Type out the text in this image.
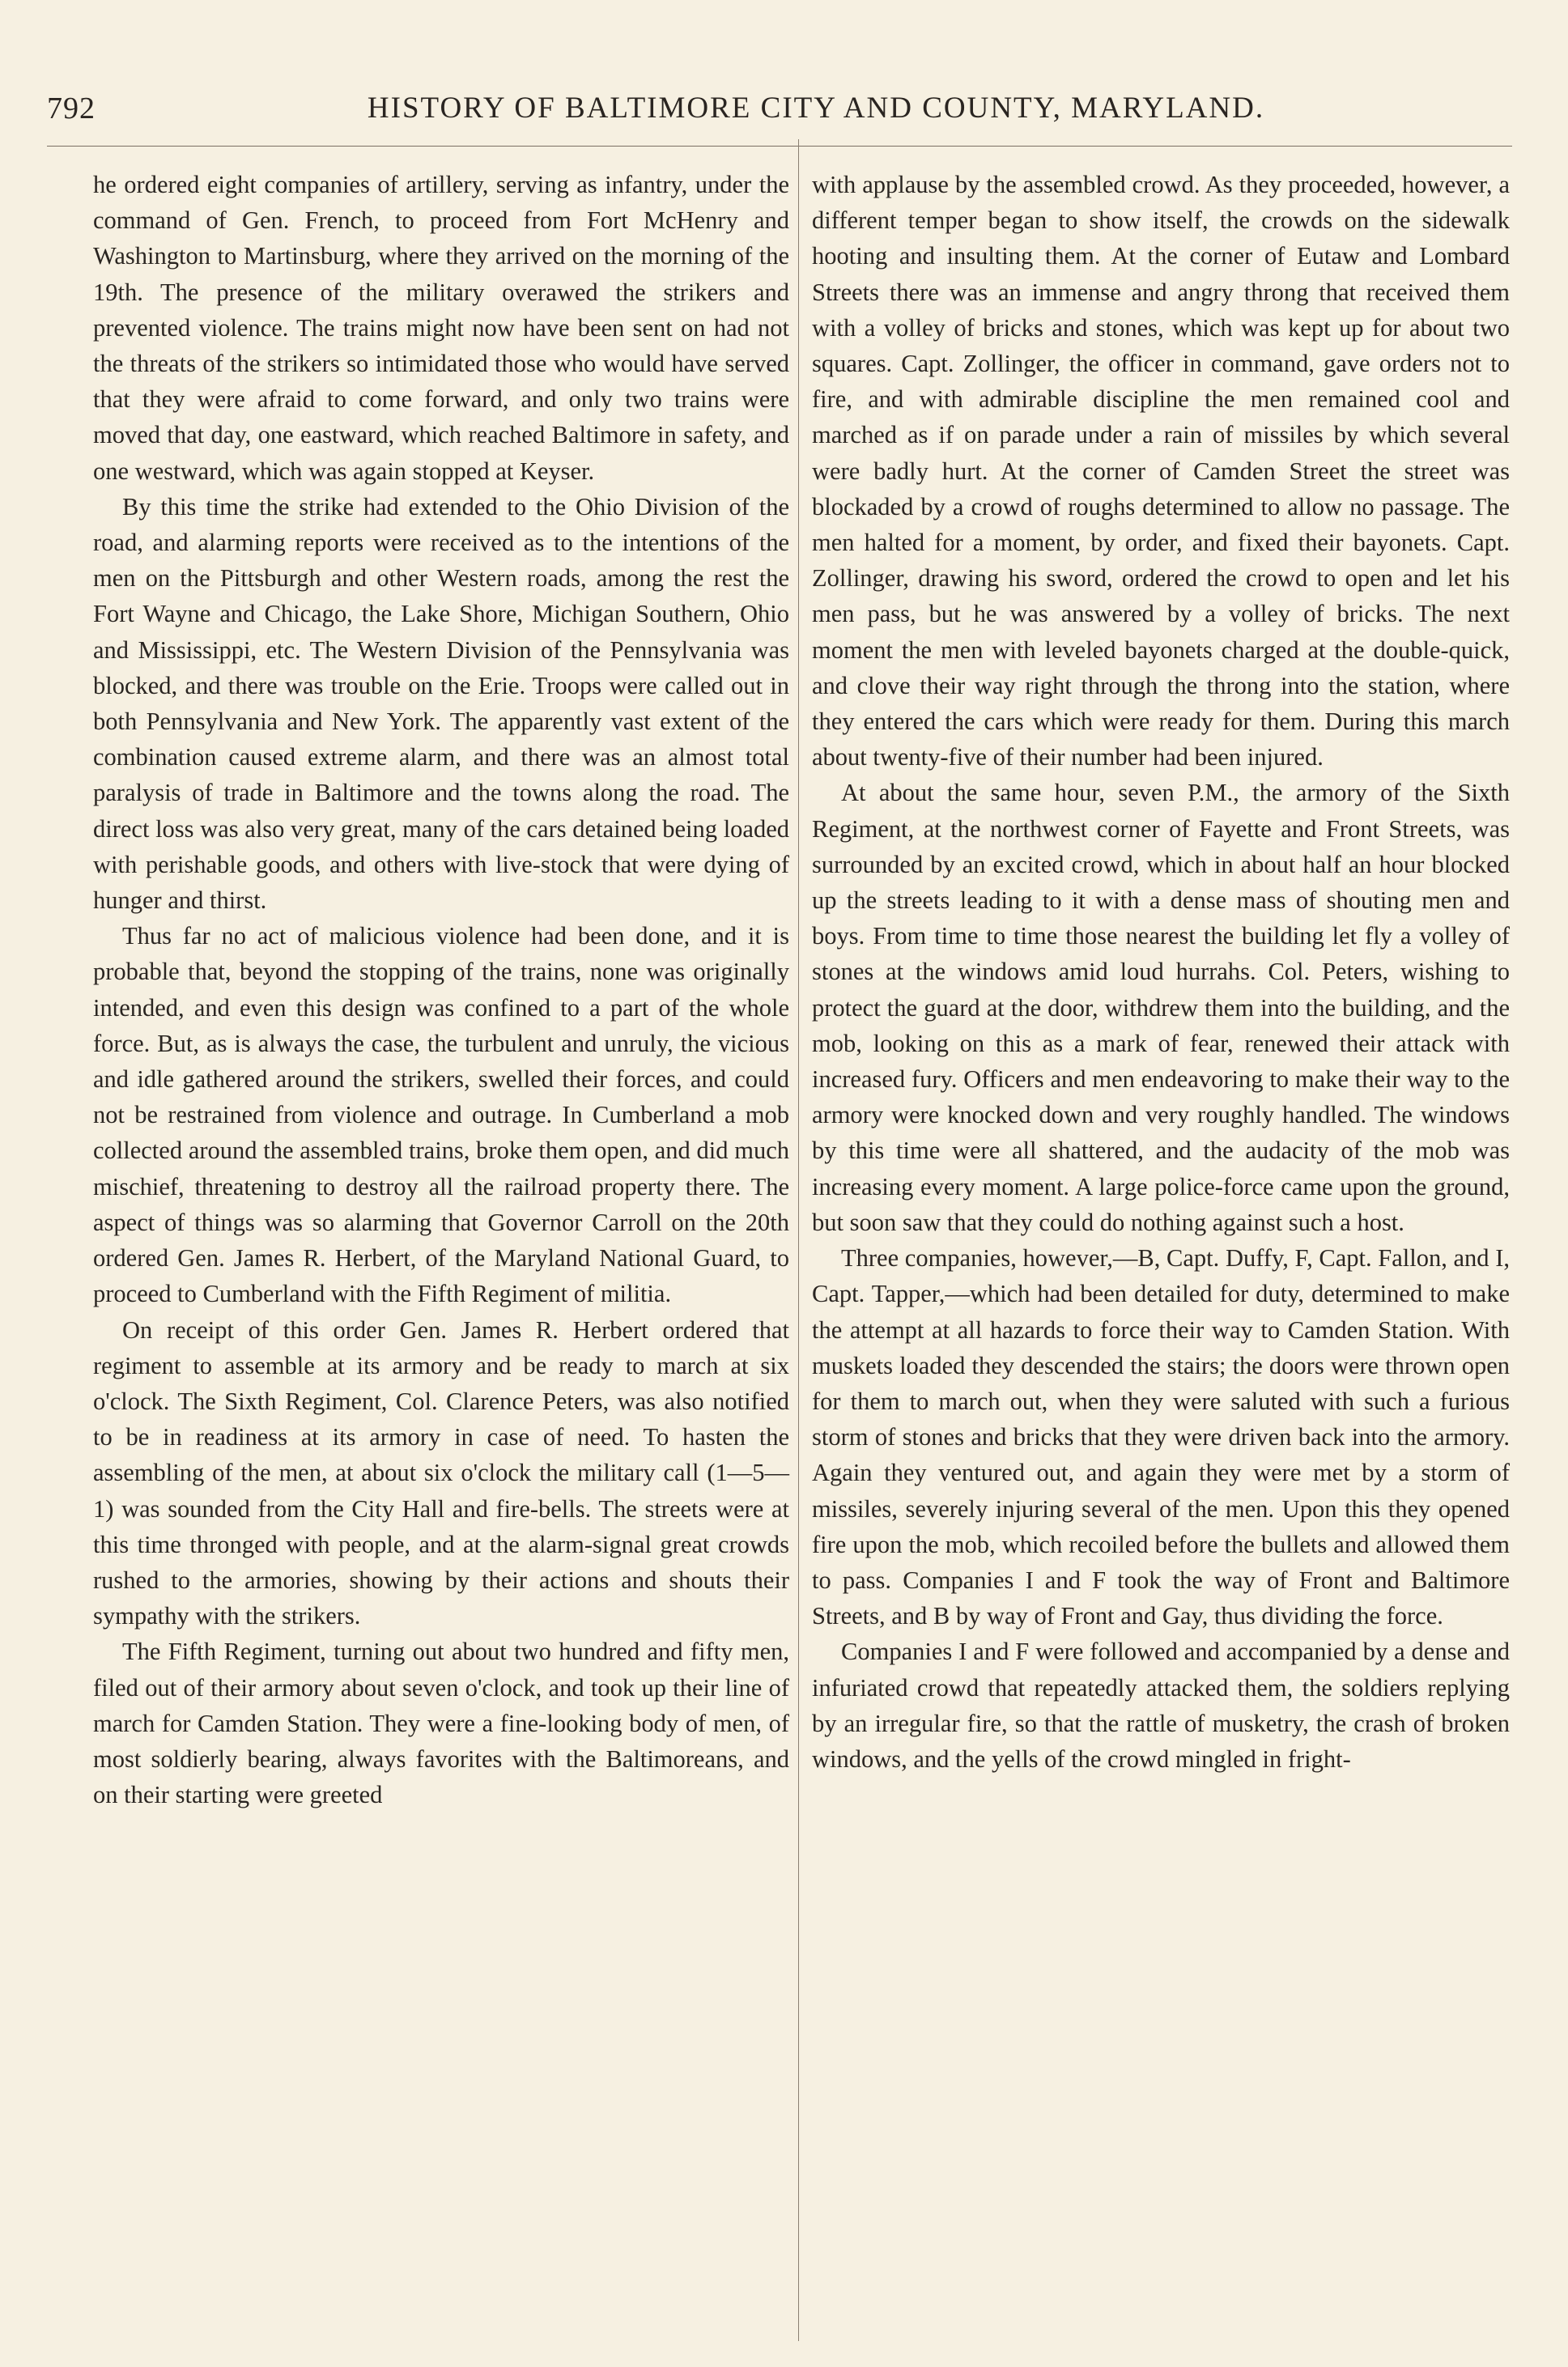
792	HISTORY OF BALTIMORE CITY AND COUNTY, MARYLAND.

he ordered eight companies of artillery, serving as infantry, under the command of Gen. French, to proceed from Fort McHenry and Washington to Martinsburg, where they arrived on the morning of the 19th. The presence of the military overawed the strikers and prevented violence. The trains might now have been sent on had not the threats of the strikers so intimidated those who would have served that they were afraid to come forward, and only two trains were moved that day, one eastward, which reached Baltimore in safety, and one westward, which was again stopped at Keyser.

By this time the strike had extended to the Ohio Division of the road, and alarming reports were received as to the intentions of the men on the Pittsburgh and other Western roads, among the rest the Fort Wayne and Chicago, the Lake Shore, Michigan Southern, Ohio and Mississippi, etc. The Western Division of the Pennsylvania was blocked, and there was trouble on the Erie. Troops were called out in both Pennsylvania and New York. The apparently vast extent of the combination caused extreme alarm, and there was an almost total paralysis of trade in Baltimore and the towns along the road. The direct loss was also very great, many of the cars detained being loaded with perishable goods, and others with live-stock that were dying of hunger and thirst.

Thus far no act of malicious violence had been done, and it is probable that, beyond the stopping of the trains, none was originally intended, and even this design was confined to a part of the whole force. But, as is always the case, the turbulent and unruly, the vicious and idle gathered around the strikers, swelled their forces, and could not be restrained from violence and outrage. In Cumberland a mob collected around the assembled trains, broke them open, and did much mischief, threatening to destroy all the railroad property there. The aspect of things was so alarming that Governor Carroll on the 20th ordered Gen. James R. Herbert, of the Maryland National Guard, to proceed to Cumberland with the Fifth Regiment of militia.

On receipt of this order Gen. James R. Herbert ordered that regiment to assemble at its armory and be ready to march at six o'clock. The Sixth Regiment, Col. Clarence Peters, was also notified to be in readiness at its armory in case of need. To hasten the assembling of the men, at about six o'clock the military call (1—5—1) was sounded from the City Hall and fire-bells. The streets were at this time thronged with people, and at the alarm-signal great crowds rushed to the armories, showing by their actions and shouts their sympathy with the strikers.

The Fifth Regiment, turning out about two hundred and fifty men, filed out of their armory about seven o'clock, and took up their line of march for Camden Station. They were a fine-looking body of men, of most soldierly bearing, always favorites with the Baltimoreans, and on their starting were greeted

with applause by the assembled crowd. As they proceeded, however, a different temper began to show itself, the crowds on the sidewalk hooting and insulting them. At the corner of Eutaw and Lombard Streets there was an immense and angry throng that received them with a volley of bricks and stones, which was kept up for about two squares. Capt. Zollinger, the officer in command, gave orders not to fire, and with admirable discipline the men remained cool and marched as if on parade under a rain of missiles by which several were badly hurt. At the corner of Camden Street the street was blockaded by a crowd of roughs determined to allow no passage. The men halted for a moment, by order, and fixed their bayonets. Capt. Zollinger, drawing his sword, ordered the crowd to open and let his men pass, but he was answered by a volley of bricks. The next moment the men with leveled bayonets charged at the double-quick, and clove their way right through the throng into the station, where they entered the cars which were ready for them. During this march about twenty-five of their number had been injured.

At about the same hour, seven P.M., the armory of the Sixth Regiment, at the northwest corner of Fayette and Front Streets, was surrounded by an excited crowd, which in about half an hour blocked up the streets leading to it with a dense mass of shouting men and boys. From time to time those nearest the building let fly a volley of stones at the windows amid loud hurrahs. Col. Peters, wishing to protect the guard at the door, withdrew them into the building, and the mob, looking on this as a mark of fear, renewed their attack with increased fury. Officers and men endeavoring to make their way to the armory were knocked down and very roughly handled. The windows by this time were all shattered, and the audacity of the mob was increasing every moment. A large police-force came upon the ground, but soon saw that they could do nothing against such a host.

Three companies, however,—B, Capt. Duffy, F, Capt. Fallon, and I, Capt. Tapper,—which had been detailed for duty, determined to make the attempt at all hazards to force their way to Camden Station. With muskets loaded they descended the stairs; the doors were thrown open for them to march out, when they were saluted with such a furious storm of stones and bricks that they were driven back into the armory. Again they ventured out, and again they were met by a storm of missiles, severely injuring several of the men. Upon this they opened fire upon the mob, which recoiled before the bullets and allowed them to pass. Companies I and F took the way of Front and Baltimore Streets, and B by way of Front and Gay, thus dividing the force.

Companies I and F were followed and accompanied by a dense and infuriated crowd that repeatedly attacked them, the soldiers replying by an irregular fire, so that the rattle of musketry, the crash of broken windows, and the yells of the crowd mingled in fright-
